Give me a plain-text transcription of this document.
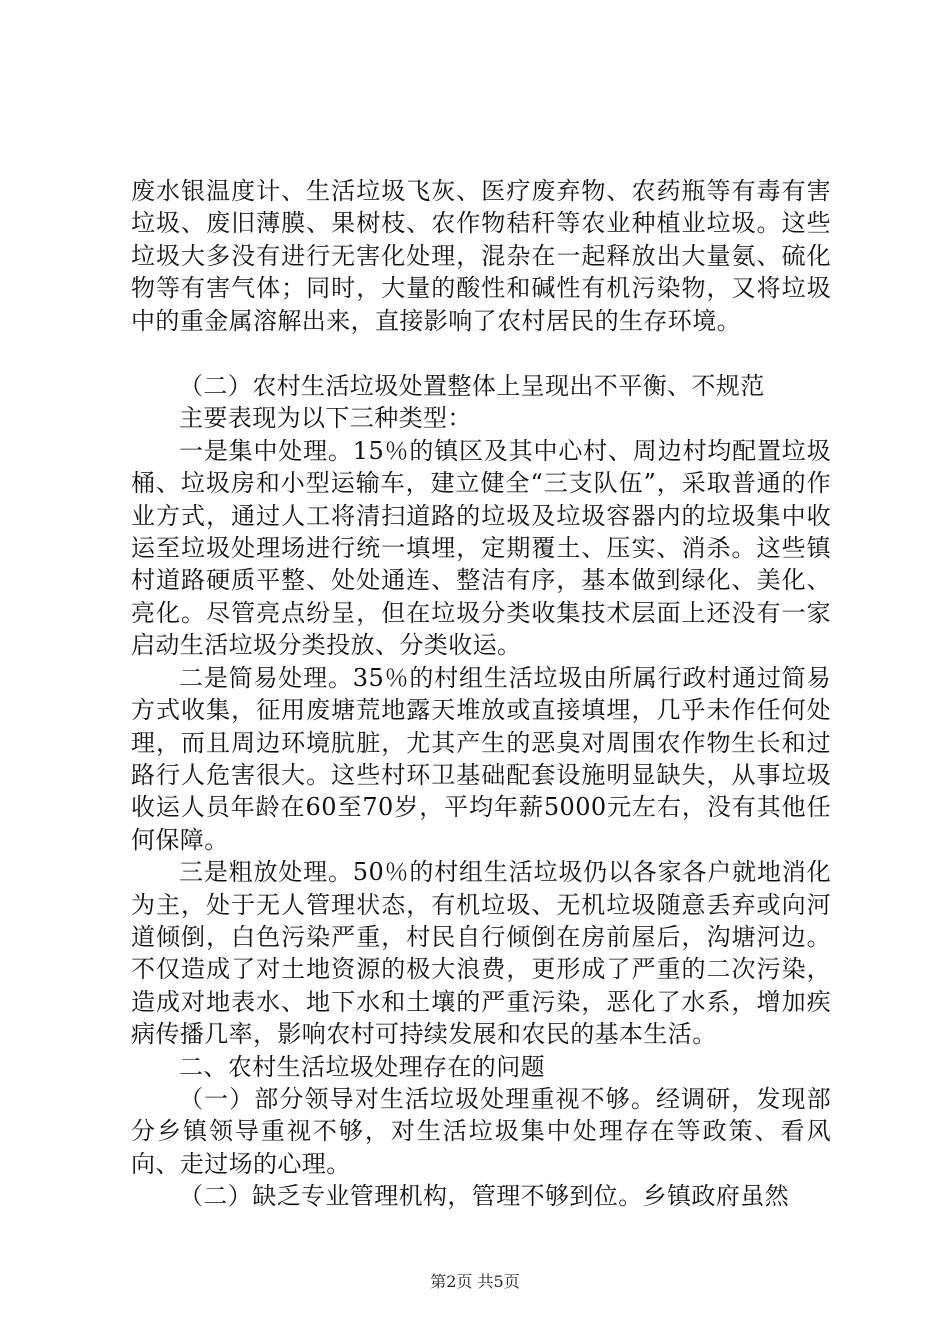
废水银温度计、生活垃圾飞灰、医疗废弃物、农药瓶等有毒有害垃圾、废旧薄膜、果树枝、农作物秸秆等农业种植业垃圾。这些垃圾大多没有进行无害化处理，混杂在一起释放出大量氨、硫化物等有害气体；同时，大量的酸性和碱性有机污染物，又将垃圾中的重金属溶解出来，直接影响了农村居民的生存环境。

（二）农村生活垃圾处置整体上呈现出不平衡、不规范

主要表现为以下三种类型：

一是集中处理。15％的镇区及其中心村、周边村均配置垃圾桶、垃圾房和小型运输车，建立健全“三支队伍”，采取普通的作业方式，通过人工将清扫道路的垃圾及垃圾容器内的垃圾集中收运至垃圾处理场进行统一填埋，定期覆土、压实、消杀。这些镇村道路硬质平整、处处通连、整洁有序，基本做到绿化、美化、亮化。尽管亮点纷呈，但在垃圾分类收集技术层面上还没有一家启动生活垃圾分类投放、分类收运。

二是简易处理。35％的村组生活垃圾由所属行政村通过简易方式收集，征用废塘荒地露天堆放或直接填埋，几乎未作任何处理，而且周边环境肮脏，尤其产生的恶臭对周围农作物生长和过路行人危害很大。这些村环卫基础配套设施明显缺失，从事垃圾收运人员年龄在60至70岁，平均年薪5000元左右，没有其他任何保障。

三是粗放处理。50％的村组生活垃圾仍以各家各户就地消化为主，处于无人管理状态，有机垃圾、无机垃圾随意丢弃或向河道倾倒，白色污染严重，村民自行倾倒在房前屋后，沟塘河边。不仅造成了对土地资源的极大浪费，更形成了严重的二次污染，造成对地表水、地下水和土壤的严重污染，恶化了水系，增加疾病传播几率，影响农村可持续发展和农民的基本生活。

二、农村生活垃圾处理存在的问题

（一）部分领导对生活垃圾处理重视不够。经调研，发现部分乡镇领导重视不够，对生活垃圾集中处理存在等政策、看风向、走过场的心理。

（二）缺乏专业管理机构，管理不够到位。乡镇政府虽然

第2页 共5页
